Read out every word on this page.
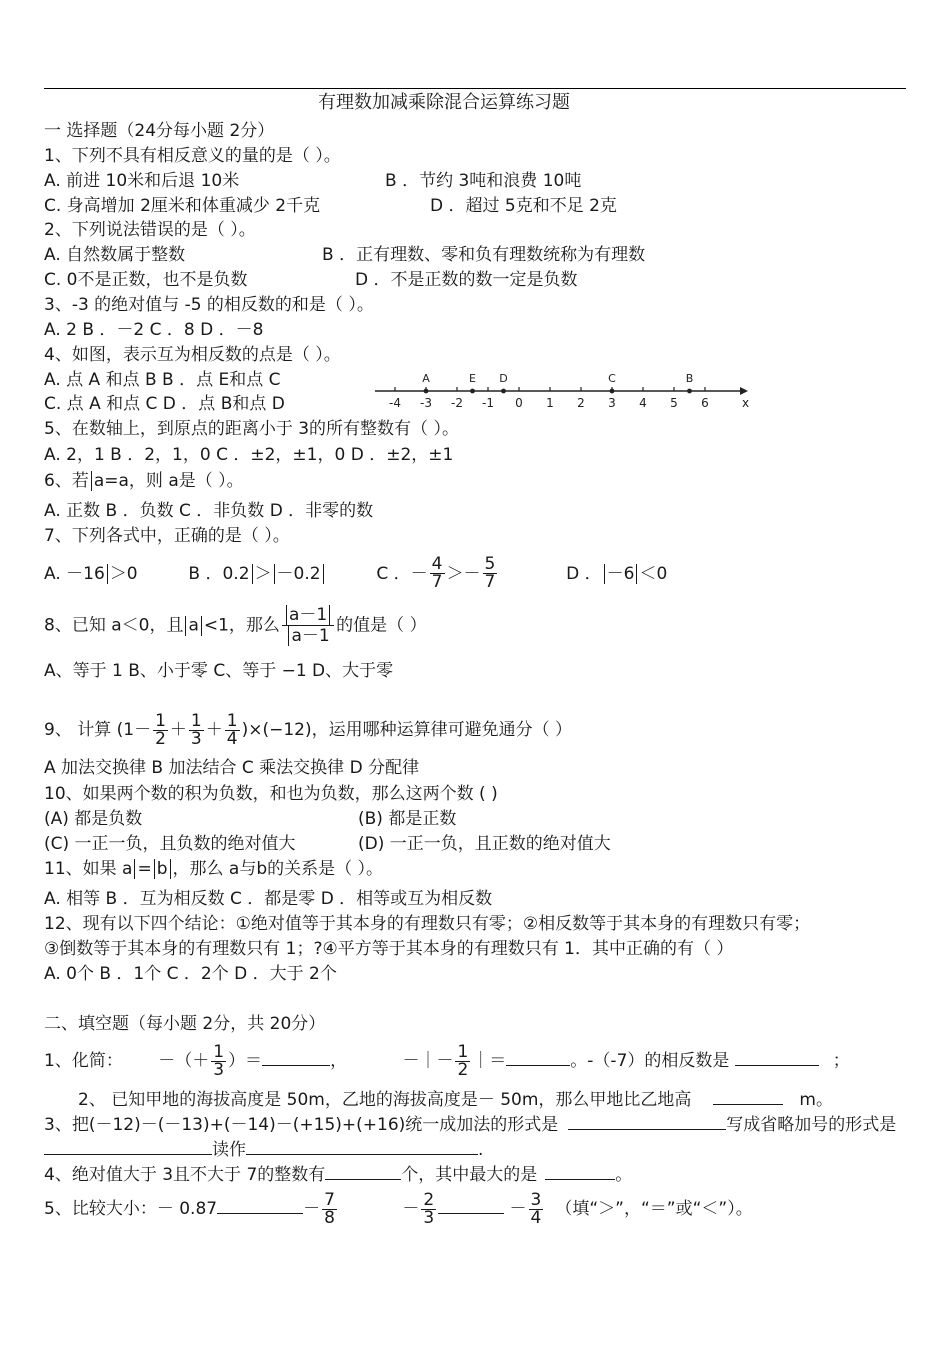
有理数加减乘除混合运算练习题
一 选择题（24分每小题 2分）
1、下列不具有相反意义的量的是（ ）。
A. 前进 10米和后退 10米	B ．节约 3吨和浪费 10吨
C. 身高增加 2厘米和体重减少 2千克	D ．超过 5克和不足 2克
2、下列说法错误的是（ ）。
A. 自然数属于整数	B ．正有理数、零和负有理数统称为有理数
C. 0不是正数，也不是负数	D ．不是正数的数一定是负数
3、-3 的绝对值与 -5 的相反数的和是（ ）。
A. 2 B ．－2 C ．8 D ．－8
4、如图，表示互为相反数的点是（ ）。
A. 点 A 和点 B B ．点 E和点 C
C. 点 A 和点 C D ．点 B和点 D	-4 -3 -2 -1 0 1 2 3 4 5 6	x
A	E D	C	B
5、在数轴上，到原点的距离小于 3的所有整数有（ ）。
A. 2，1 B ．2，1，0 C ．±2，±1，0 D ．±2，±1
6、若 a=a，则 a是（ ）。
A. 正数 B ．负数 C ．非负数 D ．非零的数
7、下列各式中，正确的是（ ）。
A. －16 ＞0	B ．0.2 ＞ －0.2	C ．－ $\frac{4}{7} >- \frac{5}{7}$	D ． －6 ＜0
8、已知 a＜0，且 a <1，那么 $\frac{a-1}{a-1}$ 的值是（ ）
A、等于 1 B、小于零 C、等于 −1 D、大于零
9、 计算 $(1- \frac{1}{2} + \frac{1}{3} + \frac{1}{4} )\times(-12)$，运用哪种运算律可避免通分（ ）
A 加法交换律 B 加法结合 C 乘法交换律 D 分配律
10、如果两个数的积为负数，和也为负数，那么这两个数 ( )
(A) 都是负数	(B) 都是正数
(C) 一正一负，且负数的绝对值大	(D) 一正一负，且正数的绝对值大
11、如果 a = b ，那么 a与b的关系是（ ）。
A. 相等 B ．互为相反数 C ．都是零 D ．相等或互为相反数
12、现有以下四个结论：①绝对值等于其本身的有理数只有零；②相反数等于其本身的有理数只有零；
③倒数等于其本身的有理数只有 1；?④平方等于其本身的有理数只有 1．其中正确的有（ ）
A. 0个 B ．1个 C ．2个 D ．大于 2个
二、填空题（每小题 2分，共 20分）
1、化简： －（＋ $\frac{1}{3}$ ）＝	，	－｜－ $\frac{1}{2}$ ｜＝	。-（-7）的相反数是	；
2、 已知甲地的海拔高度是 50m，乙地的海拔高度是－ 50m，那么甲地比乙地高	m。
3、把(－12)－(－13)+(－14)－(+15)+(+16)统一成加法的形式是	写成省略加号的形式是
读作	.
4、绝对值大于 3且不大于 7的整数有	个，其中最大的是	。
5、比较大小：－ 0.87	－ $\frac{7}{8}$	－ $\frac{2}{3}$	－ $\frac{3}{4}$ （填“＞”，“＝”或“＜”）。
